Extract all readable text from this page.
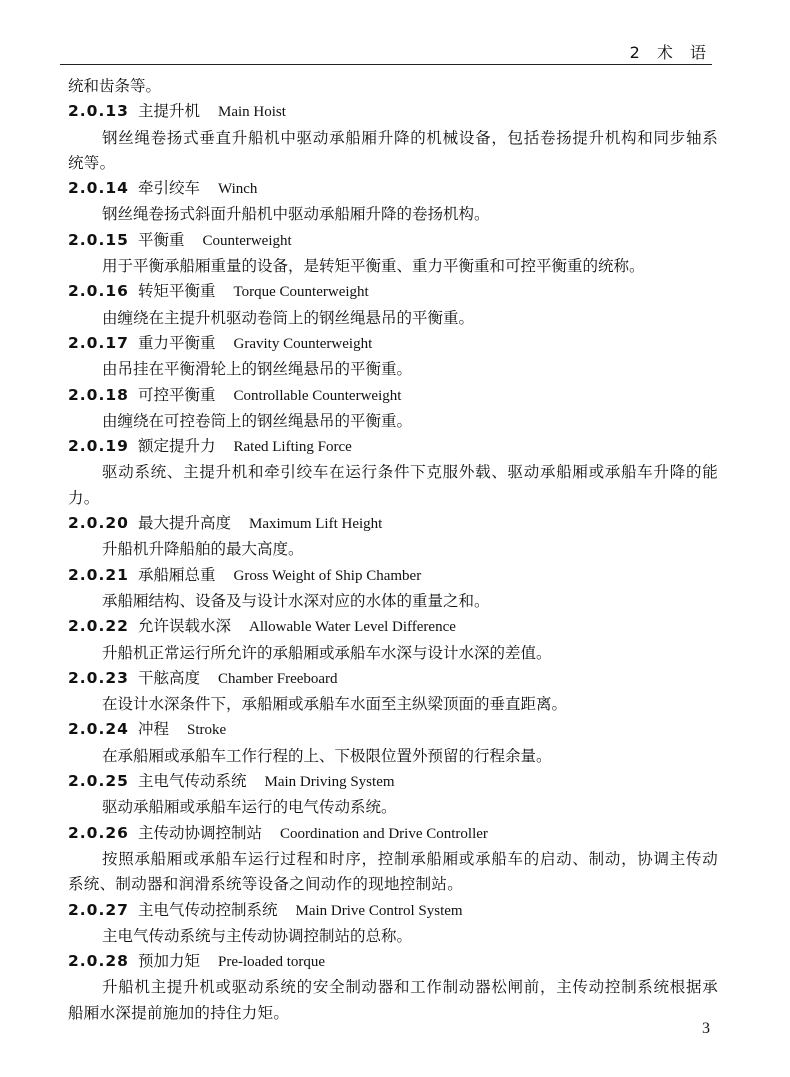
2 术 语
统和齿条等。
2.0.13 主提升机 Main Hoist
钢丝绳卷扬式垂直升船机中驱动承船厢升降的机械设备，包括卷扬提升机构和同步轴系统等。
2.0.14 牵引绞车 Winch
钢丝绳卷扬式斜面升船机中驱动承船厢升降的卷扬机构。
2.0.15 平衡重 Counterweight
用于平衡承船厢重量的设备，是转矩平衡重、重力平衡重和可控平衡重的统称。
2.0.16 转矩平衡重 Torque Counterweight
由缠绕在主提升机驱动卷筒上的钢丝绳悬吊的平衡重。
2.0.17 重力平衡重 Gravity Counterweight
由吊挂在平衡滑轮上的钢丝绳悬吊的平衡重。
2.0.18 可控平衡重 Controllable Counterweight
由缠绕在可控卷筒上的钢丝绳悬吊的平衡重。
2.0.19 额定提升力 Rated Lifting Force
驱动系统、主提升机和牵引绞车在运行条件下克服外载、驱动承船厢或承船车升降的能力。
2.0.20 最大提升高度 Maximum Lift Height
升船机升降船舶的最大高度。
2.0.21 承船厢总重 Gross Weight of Ship Chamber
承船厢结构、设备及与设计水深对应的水体的重量之和。
2.0.22 允许误载水深 Allowable Water Level Difference
升船机正常运行所允许的承船厢或承船车水深与设计水深的差值。
2.0.23 干舷高度 Chamber Freeboard
在设计水深条件下，承船厢或承船车水面至主纵梁顶面的垂直距离。
2.0.24 冲程 Stroke
在承船厢或承船车工作行程的上、下极限位置外预留的行程余量。
2.0.25 主电气传动系统 Main Driving System
驱动承船厢或承船车运行的电气传动系统。
2.0.26 主传动协调控制站 Coordination and Drive Controller
按照承船厢或承船车运行过程和时序，控制承船厢或承船车的启动、制动，协调主传动系统、制动器和润滑系统等设备之间动作的现地控制站。
2.0.27 主电气传动控制系统 Main Drive Control System
主电气传动系统与主传动协调控制站的总称。
2.0.28 预加力矩 Pre-loaded torque
升船机主提升机或驱动系统的安全制动器和工作制动器松闸前，主传动控制系统根据承船厢水深提前施加的持住力矩。
3
